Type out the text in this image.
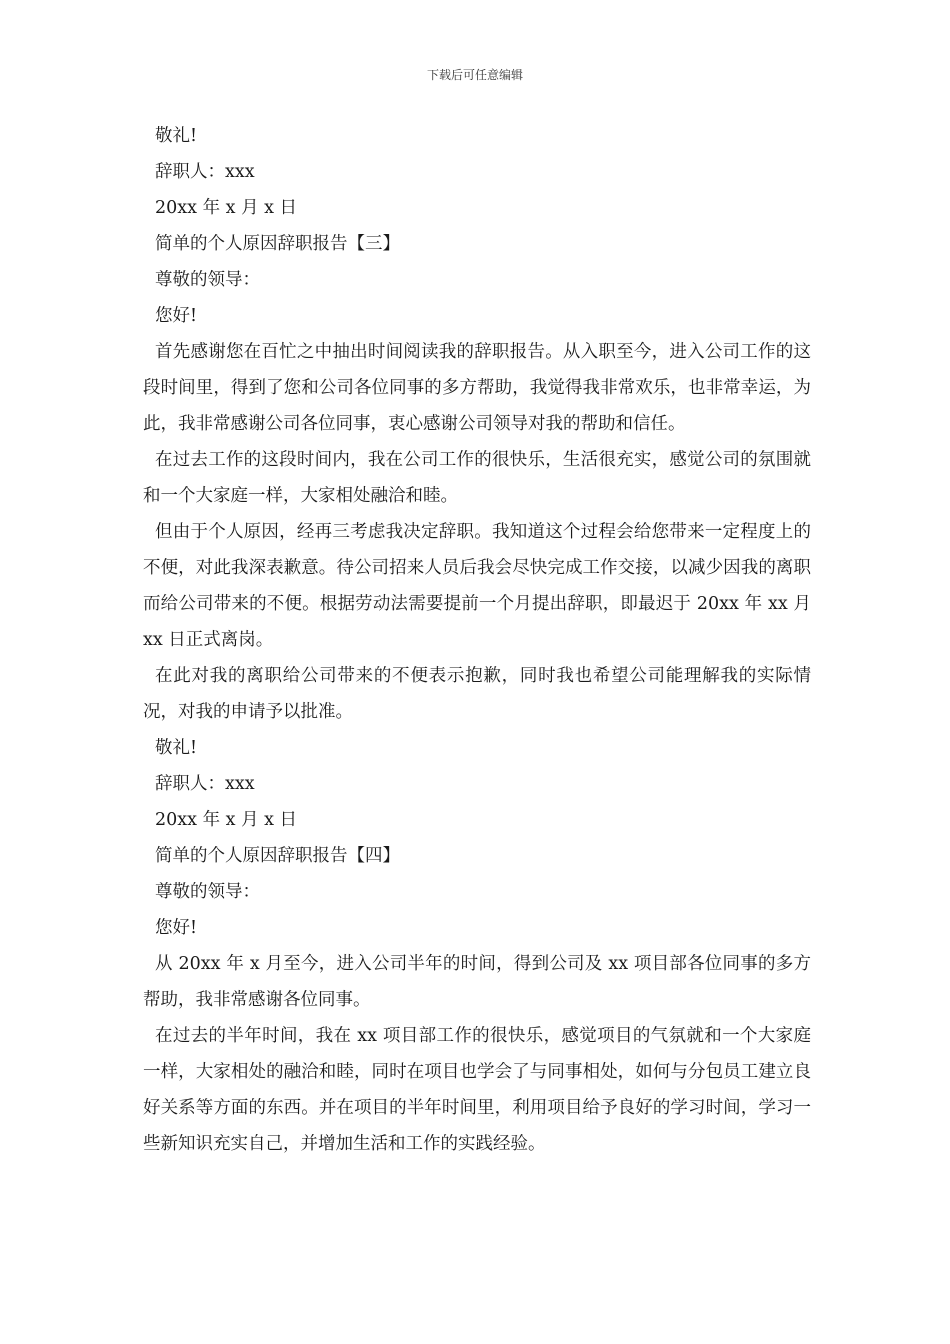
下载后可任意编辑
敬礼!
辞职人：xxx
20xx 年 x 月 x 日
简单的个人原因辞职报告【三】
尊敬的领导：
您好!

首先感谢您在百忙之中抽出时间阅读我的辞职报告。从入职至今，进入公司工作的这段时间里，得到了您和公司各位同事的多方帮助，我觉得我非常欢乐，也非常幸运，为此，我非常感谢公司各位同事，衷心感谢公司领导对我的帮助和信任。

在过去工作的这段时间内，我在公司工作的很快乐，生活很充实，感觉公司的氛围就和一个大家庭一样，大家相处融洽和睦。

但由于个人原因，经再三考虑我决定辞职。我知道这个过程会给您带来一定程度上的不便，对此我深表歉意。待公司招来人员后我会尽快完成工作交接，以减少因我的离职而给公司带来的不便。根据劳动法需要提前一个月提出辞职，即最迟于 20xx 年 xx 月 xx 日正式离岗。

在此对我的离职给公司带来的不便表示抱歉，同时我也希望公司能理解我的实际情况，对我的申请予以批准。

敬礼!
辞职人：xxx
20xx 年 x 月 x 日
简单的个人原因辞职报告【四】
尊敬的领导：
您好!

从 20xx 年 x 月至今，进入公司半年的时间，得到公司及 xx 项目部各位同事的多方帮助，我非常感谢各位同事。

在过去的半年时间，我在 xx 项目部工作的很快乐，感觉项目的气氛就和一个大家庭一样，大家相处的融洽和睦，同时在项目也学会了与同事相处，如何与分包员工建立良好关系等方面的东西。并在项目的半年时间里，利用项目给予良好的学习时间，学习一些新知识充实自己，并增加生活和工作的实践经验。
